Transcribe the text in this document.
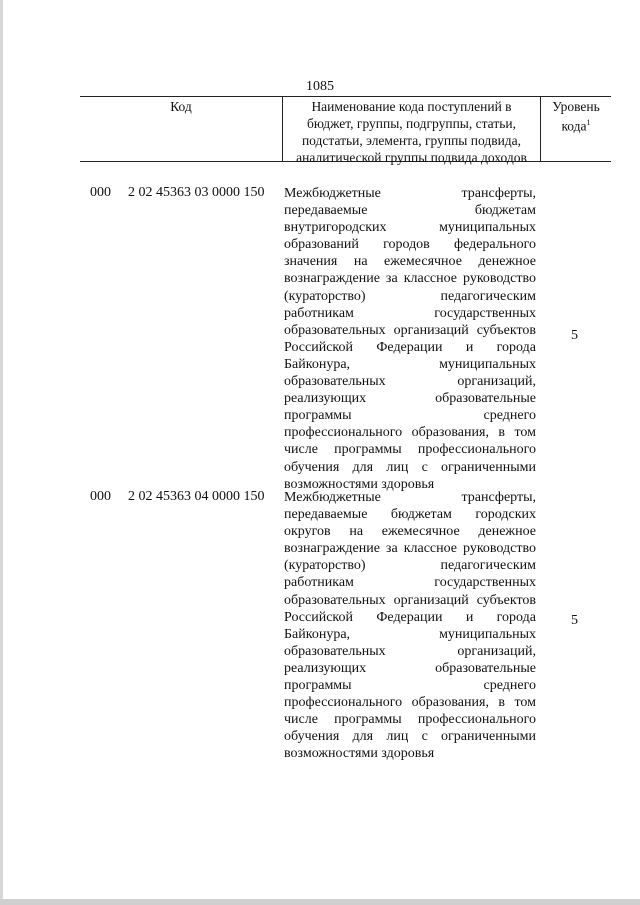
1085
Код	Наименование кода поступлений в
бюджет, группы, подгруппы, статьи,
подстатьи, элемента, группы подвида,
аналитической группы подвида доходов
Уровень
кода$^1$
000 2 02 45363 03 0000 150
5
Межбюджетные трансферты,
передаваемые бюджетам
внутригородских муниципальных
образований городов федерального
значения на ежемесячное денежное
вознаграждение за классное руководство
(кураторство) педагогическим
работникам государственных
образовательных организаций субъектов
Российской Федерации и города
Байконура, муниципальных
образовательных организаций,
реализующих образовательные
программы среднего
профессионального образования, в том
числе программы профессионального
обучения для лиц с ограниченными
возможностями здоровья
000 2 02 45363 04 0000 150
5
Межбюджетные трансферты,
передаваемые бюджетам городских
округов на ежемесячное денежное
вознаграждение за классное руководство
(кураторство) педагогическим
работникам государственных
образовательных организаций субъектов
Российской Федерации и города
Байконура, муниципальных
образовательных организаций,
реализующих образовательные
программы среднего
профессионального образования, в том
числе программы профессионального
обучения для лиц с ограниченными
возможностями здоровья
